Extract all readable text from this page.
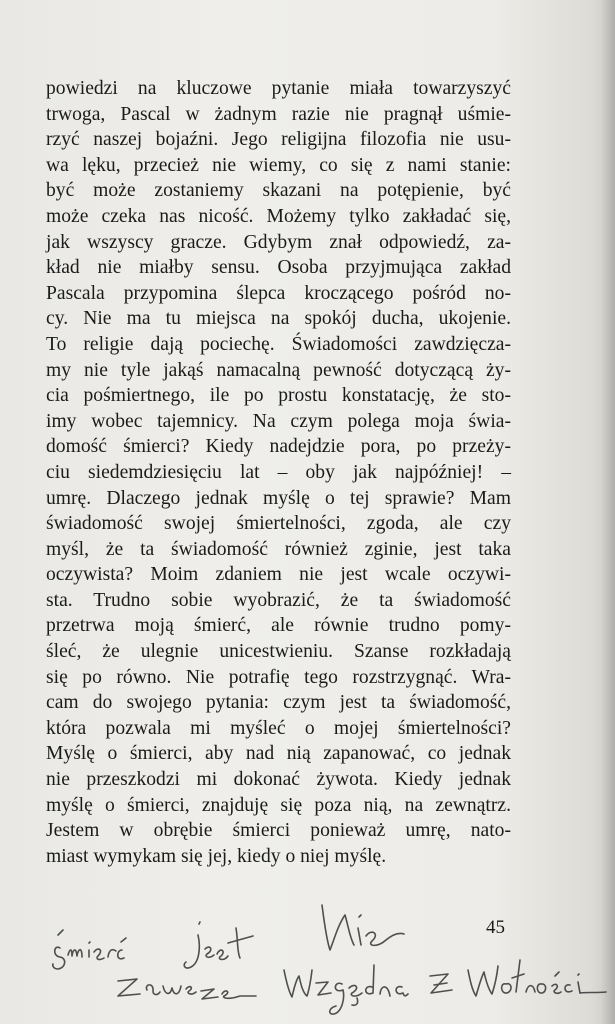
powiedzi na kluczowe pytanie miała towarzyszyć
trwoga, Pascal w żadnym razie nie pragnął uśmie-
rzyć naszej bojaźni. Jego religijna filozofia nie usu-
wa lęku, przecież nie wiemy, co się z nami stanie:
być może zostaniemy skazani na potępienie, być
może czeka nas nicość. Możemy tylko zakładać się,
jak wszyscy gracze. Gdybym znał odpowiedź, za-
kład nie miałby sensu. Osoba przyjmująca zakład
Pascala przypomina ślepca kroczącego pośród no-
cy. Nie ma tu miejsca na spokój ducha, ukojenie.
To religie dają pociechę. Świadomości zawdzięcza-
my nie tyle jakąś namacalną pewność dotyczącą ży-
cia pośmiertnego, ile po prostu konstatację, że sto-
imy wobec tajemnicy. Na czym polega moja świa-
domość śmierci? Kiedy nadejdzie pora, po przeży-
ciu siedemdziesięciu lat – oby jak najpóźniej! –
umrę. Dlaczego jednak myślę o tej sprawie? Mam
świadomość swojej śmiertelności, zgoda, ale czy
myśl, że ta świadomość również zginie, jest taka
oczywista? Moim zdaniem nie jest wcale oczywi-
sta. Trudno sobie wyobrazić, że ta świadomość
przetrwa moją śmierć, ale równie trudno pomy-
śleć, że ulegnie unicestwieniu. Szanse rozkładają
się po równo. Nie potrafię tego rozstrzygnąć. Wra-
cam do swojego pytania: czym jest ta świadomość,
która pozwala mi myśleć o mojej śmiertelności?
Myślę o śmierci, aby nad nią zapanować, co jednak
nie przeszkodzi mi dokonać żywota. Kiedy jednak
myślę o śmierci, znajduję się poza nią, na zewnątrz.
Jestem w obrębie śmierci ponieważ umrę, nato-
miast wymykam się jej, kiedy o niej myślę.
45
